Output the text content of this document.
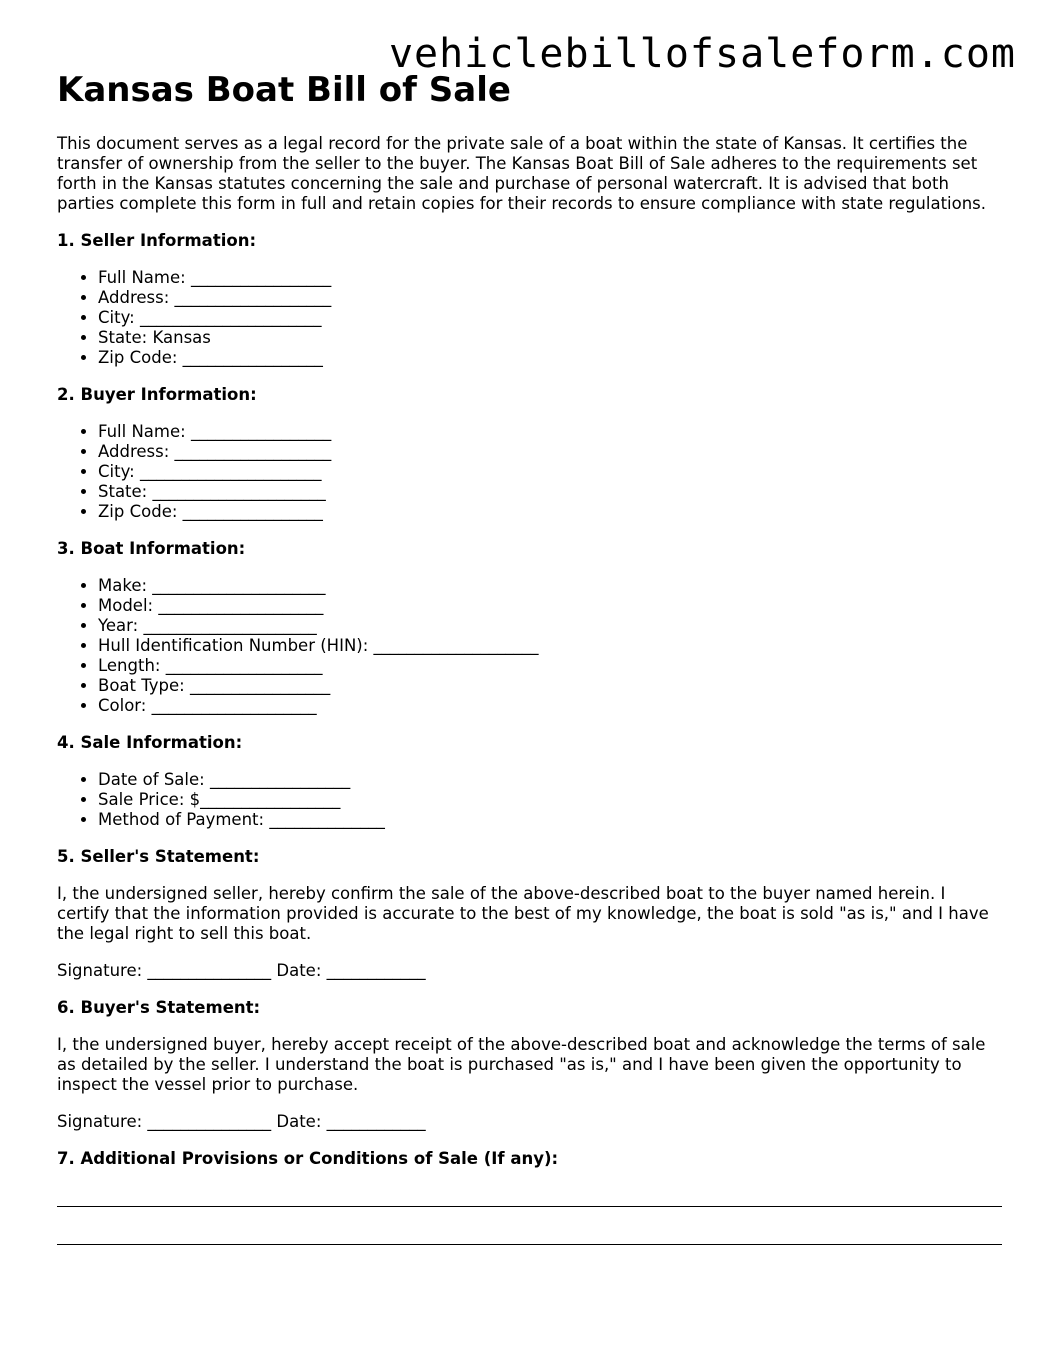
vehiclebillofsaleform.com
Kansas Boat Bill of Sale

This document serves as a legal record for the private sale of a boat within the state of Kansas. It certifies the transfer of ownership from the seller to the buyer. The Kansas Boat Bill of Sale adheres to the requirements set forth in the Kansas statutes concerning the sale and purchase of personal watercraft. It is advised that both parties complete this form in full and retain copies for their records to ensure compliance with state regulations.

1. Seller Information:
• Full Name: _________________
• Address: ___________________
• City: ______________________
• State: Kansas
• Zip Code: _________________
2. Buyer Information:
• Full Name: _________________
• Address: ___________________
• City: ______________________
• State: _____________________
• Zip Code: _________________
3. Boat Information:
• Make: _____________________
• Model: ____________________
• Year: _____________________
• Hull Identification Number (HIN): ____________________
• Length: ___________________
• Boat Type: _________________
• Color: ____________________
4. Sale Information:
• Date of Sale: _________________
• Sale Price: $_________________
• Method of Payment: ______________
5. Seller's Statement:

I, the undersigned seller, hereby confirm the sale of the above-described boat to the buyer named herein. I certify that the information provided is accurate to the best of my knowledge, the boat is sold "as is," and I have the legal right to sell this boat.

Signature: _______________ Date: ____________
6. Buyer's Statement:

I, the undersigned buyer, hereby accept receipt of the above-described boat and acknowledge the terms of sale as detailed by the seller. I understand the boat is purchased "as is," and I have been given the opportunity to inspect the vessel prior to purchase.

Signature: _______________ Date: ____________
7. Additional Provisions or Conditions of Sale (If any):
